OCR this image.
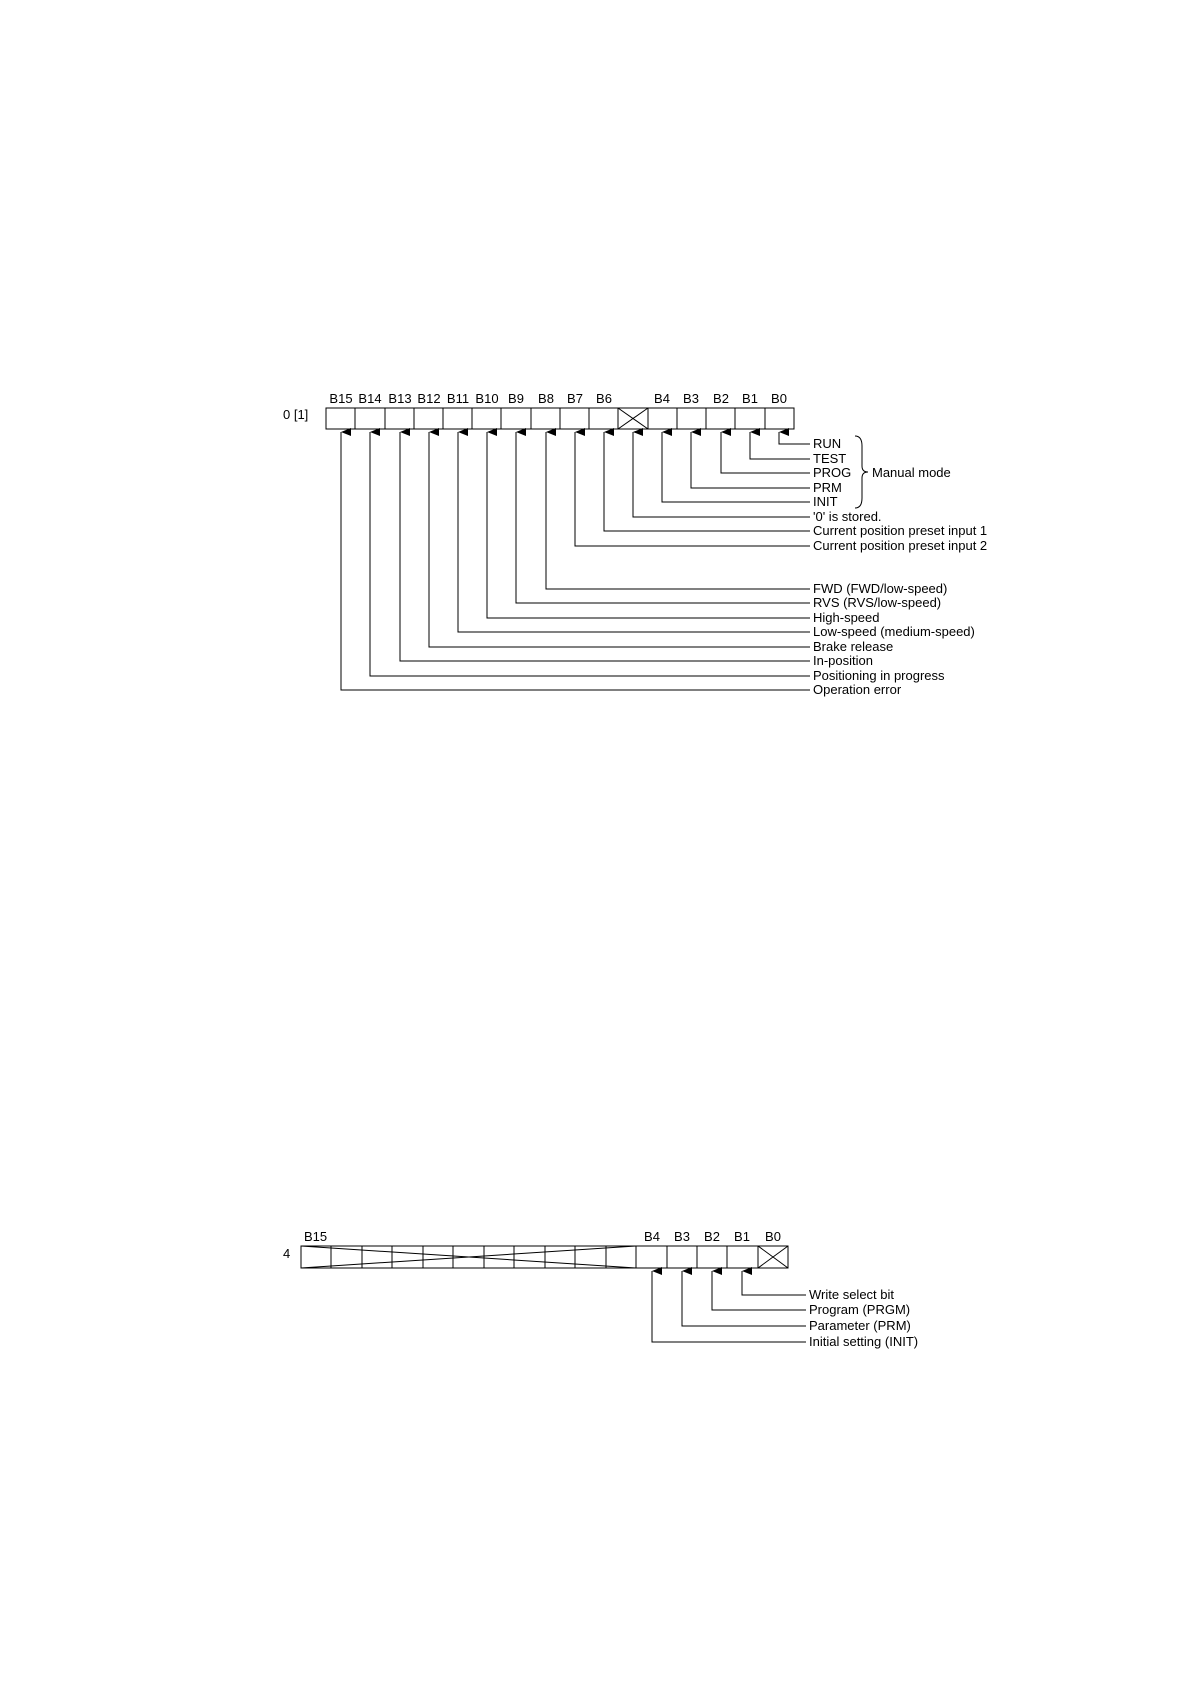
0 [1]
B15 B14 B13 B12 B11 B10 B9 B8 B7 B6	B4 B3 B2 B1 B0
RUN
TEST
PROG
PRM
INIT
'0' is stored.
Current position preset input 1
Current position preset input 2
FWD (FWD/low-speed)
RVS (RVS/low-speed)
High-speed
Low-speed (medium-speed)
Brake release
In-position
Positioning in progress
Operation error
Manual mode
4
B15	B4 B3 B2 B1 B0
Write select bit
Program (PRGM)
Parameter (PRM)
Initial setting (INIT)
